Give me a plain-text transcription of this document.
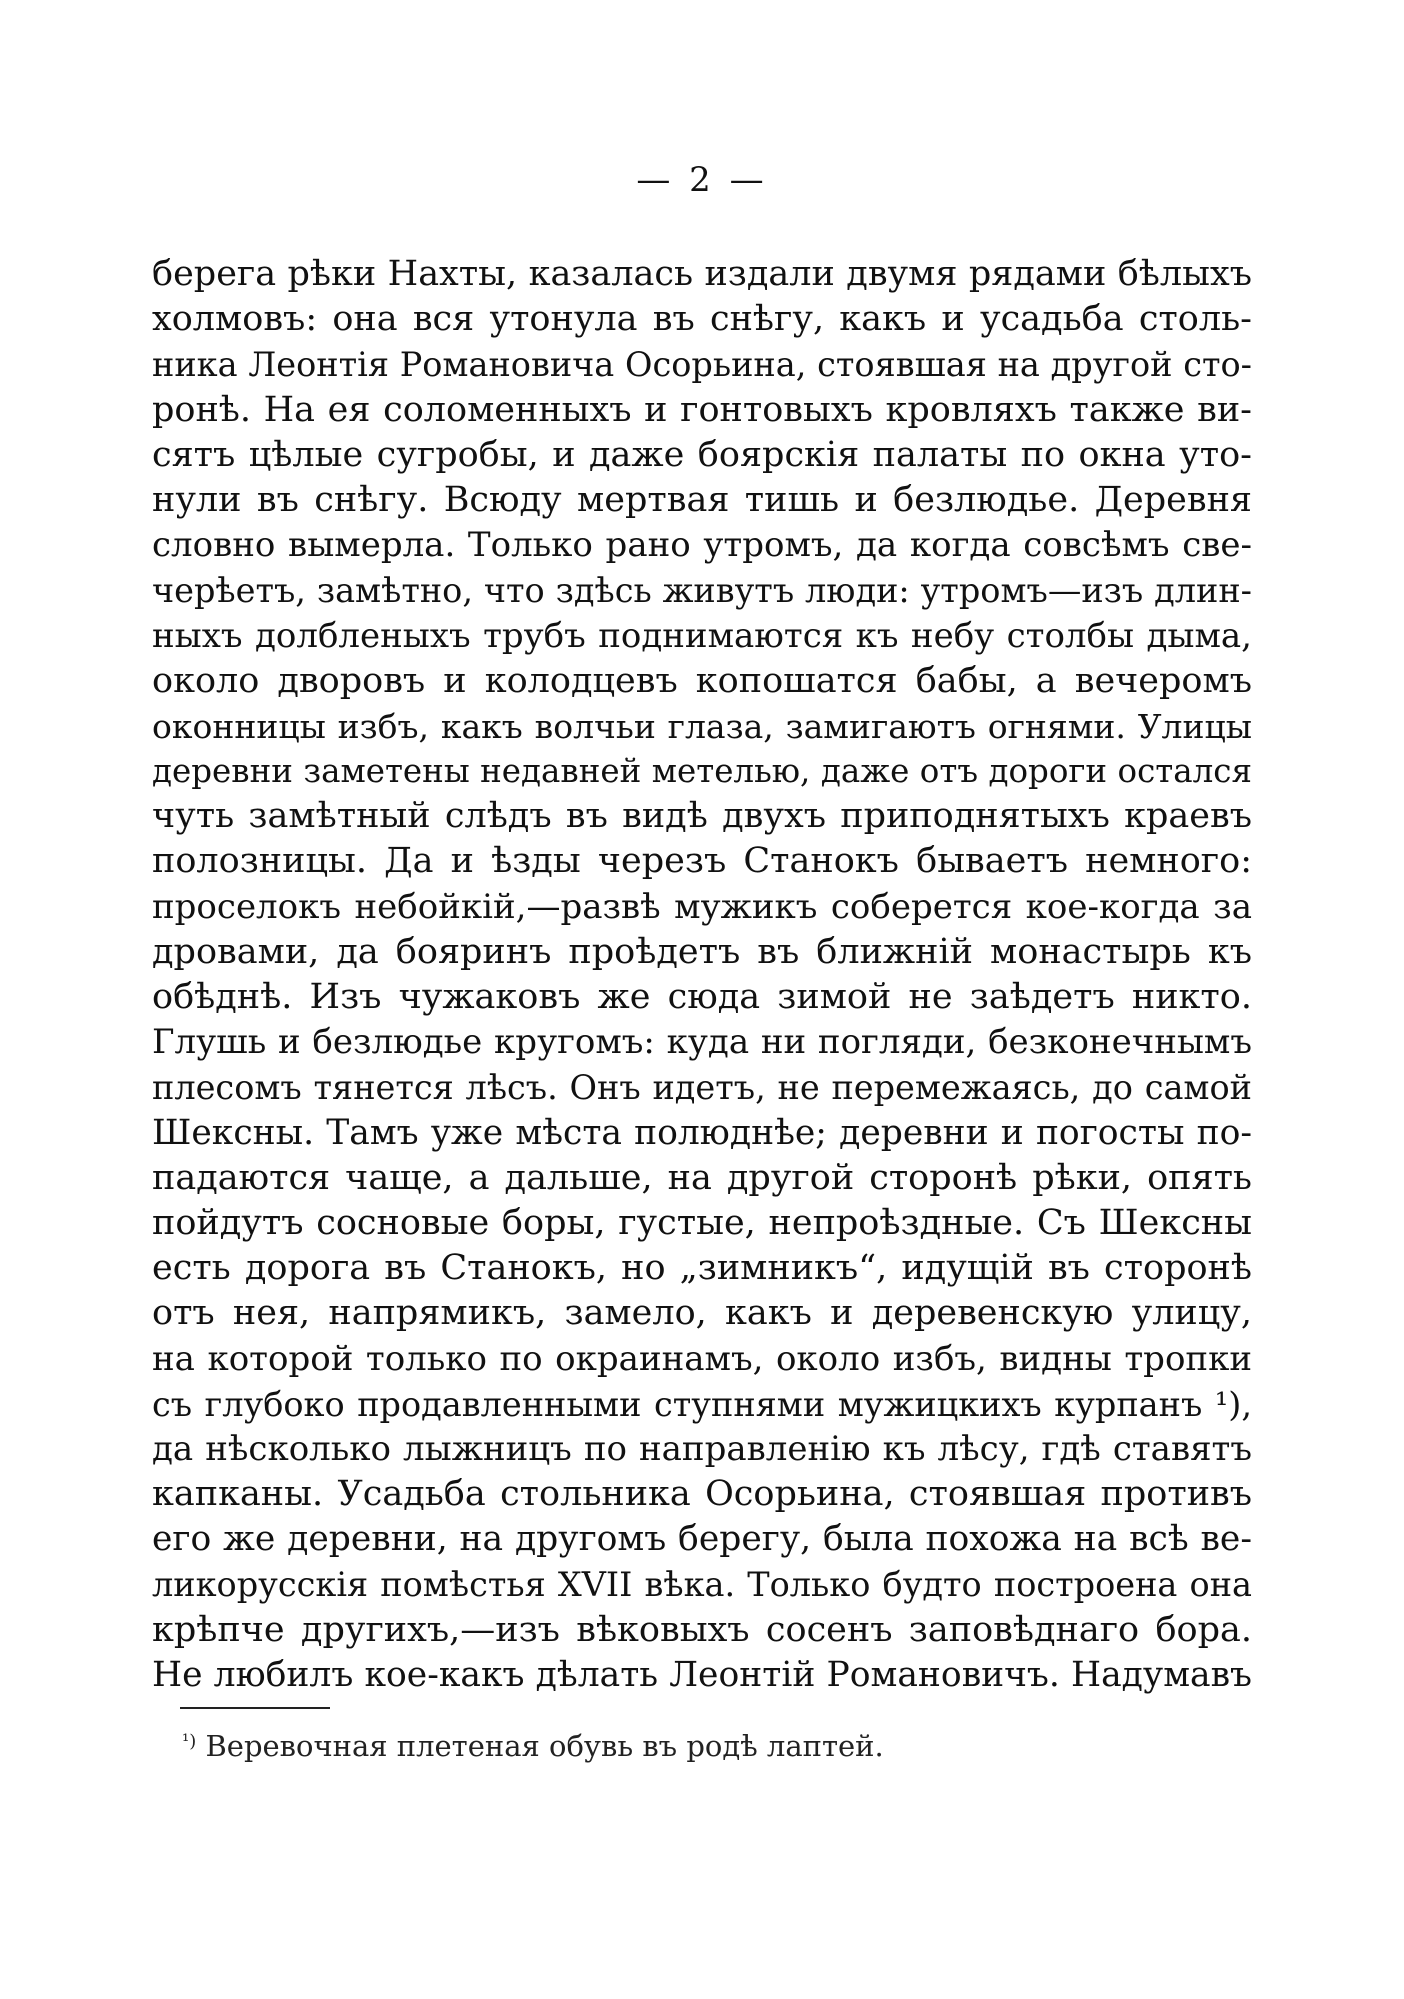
— 2 —
берега рѣки Нахты, казалась издали двумя рядами бѣлыхъ
холмовъ: она вся утонула въ снѣгу, какъ и усадьба столь-
ника Леонтія Романовича Осорьина, стоявшая на другой сто-
ронѣ. На ея соломенныхъ и гонтовыхъ кровляхъ также ви-
сятъ цѣлые сугробы, и даже боярскія палаты по окна уто-
нули въ снѣгу. Всюду мертвая тишь и безлюдье. Деревня
словно вымерла. Только рано утромъ, да когда совсѣмъ све-
черѣетъ, замѣтно, что здѣсь живутъ люди: утромъ—изъ длин-
ныхъ долбленыхъ трубъ поднимаются къ небу столбы дыма,
около дворовъ и колодцевъ копошатся бабы, а вечеромъ
оконницы избъ, какъ волчьи глаза, замигаютъ огнями. Улицы
деревни заметены недавней метелью, даже отъ дороги остался
чуть замѣтный слѣдъ въ видѣ двухъ приподнятыхъ краевъ
полозницы. Да и ѣзды черезъ Станокъ бываетъ немного:
проселокъ небойкій,—развѣ мужикъ соберется кое-когда за
дровами, да бояринъ проѣдетъ въ ближній монастырь къ
обѣднѣ. Изъ чужаковъ же сюда зимой не заѣдетъ никто.
Глушь и безлюдье кругомъ: куда ни погляди, безконечнымъ
плесомъ тянется лѣсъ. Онъ идетъ, не перемежаясь, до самой
Шексны. Тамъ уже мѣста полюднѣе; деревни и погосты по-
падаются чаще, а дальше, на другой сторонѣ рѣки, опять
пойдутъ сосновые боры, густые, непроѣздные. Съ Шексны
есть дорога въ Станокъ, но „зимникъ“, идущій въ сторонѣ
отъ нея, напрямикъ, замело, какъ и деревенскую улицу,
на которой только по окраинамъ, около избъ, видны тропки
съ глубоко продавленными ступнями мужицкихъ курпанъ ¹),
да нѣсколько лыжницъ по направленію къ лѣсу, гдѣ ставятъ
капканы. Усадьба стольника Осорьина, стоявшая противъ
его же деревни, на другомъ берегу, была похожа на всѣ ве-
ликорусскія помѣстья XVII вѣка. Только будто построена она
крѣпче другихъ,—изъ вѣковыхъ сосенъ заповѣднаго бора.
Не любилъ кое-какъ дѣлать Леонтій Романовичъ. Надумавъ
$^{^1)}$ Веревочная плетеная обувь въ родѣ лаптей.
